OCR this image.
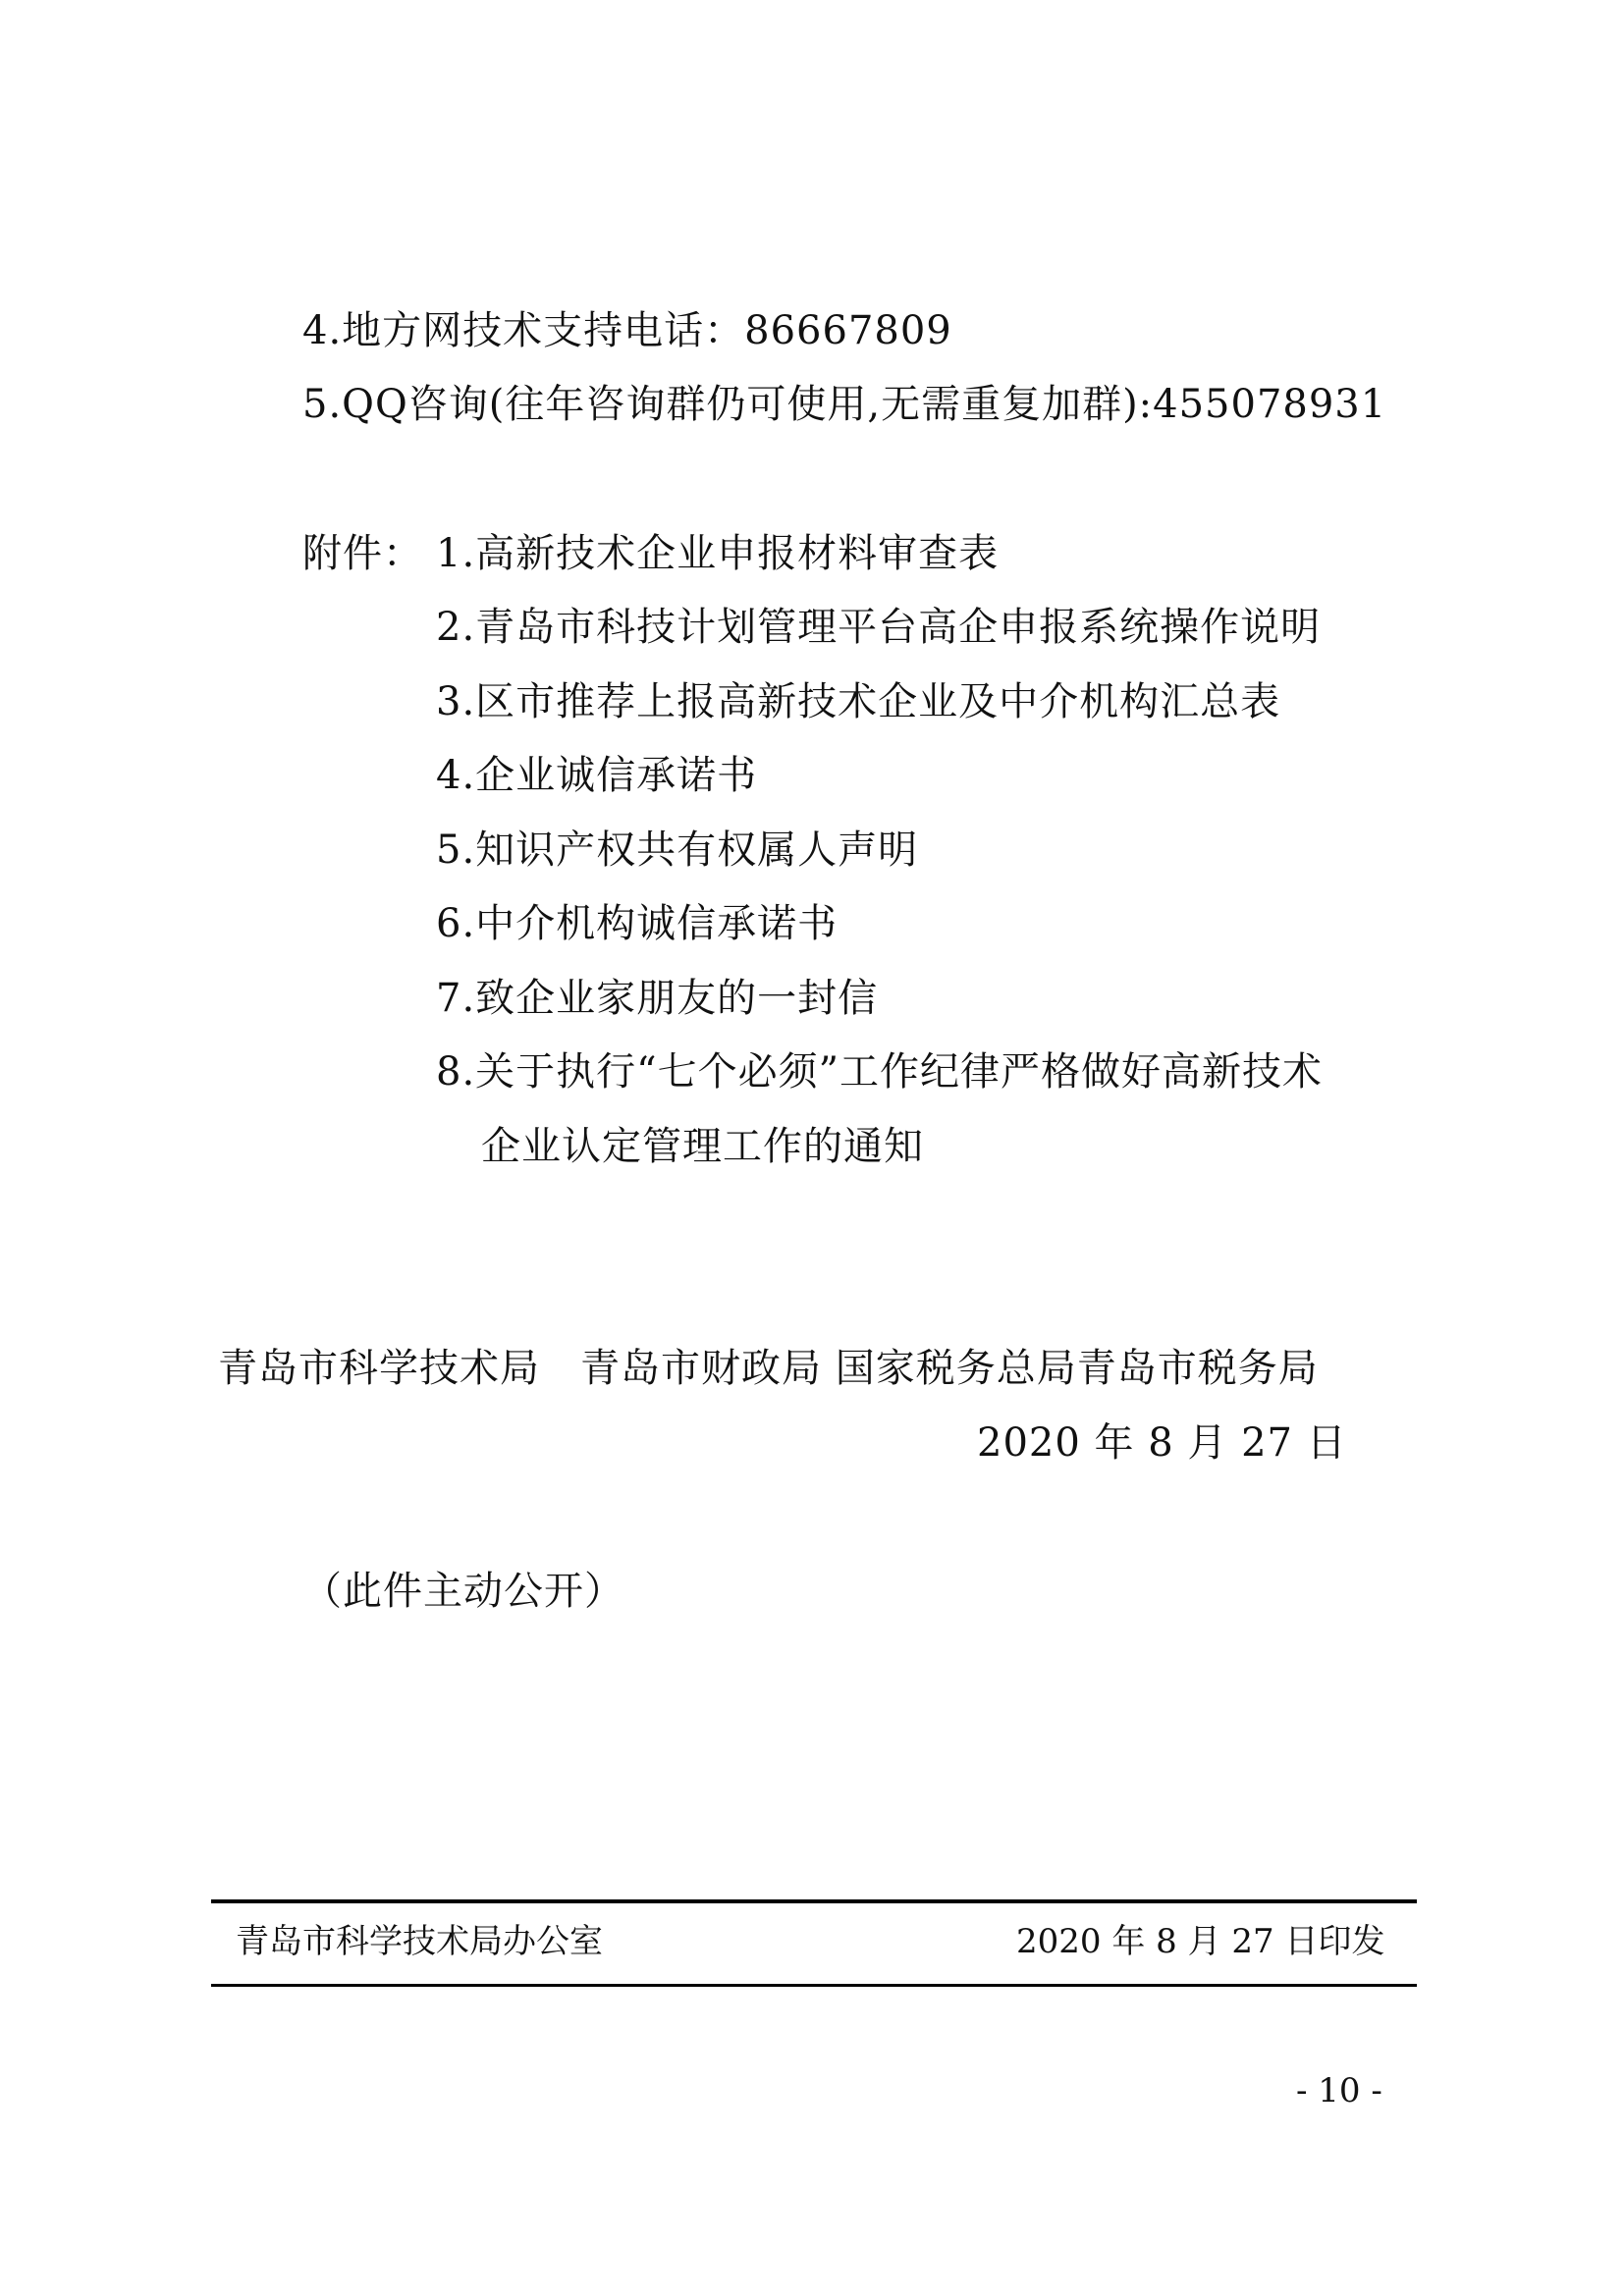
4.地方网技术支持电话：86667809
5.QQ咨询(往年咨询群仍可使用,无需重复加群):455078931
附件： 1.高新技术企业申报材料审查表
2.青岛市科技计划管理平台高企申报系统操作说明
3.区市推荐上报高新技术企业及中介机构汇总表
4.企业诚信承诺书
5.知识产权共有权属人声明
6.中介机构诚信承诺书
7.致企业家朋友的一封信
8.关于执行“七个必须”工作纪律严格做好高新技术
企业认定管理工作的通知
青岛市科学技术局　青岛市财政局 国家税务总局青岛市税务局
2020 年 8 月 27 日
（此件主动公开）
青岛市科学技术局办公室	2020 年 8 月 27 日印发
- 10 -
